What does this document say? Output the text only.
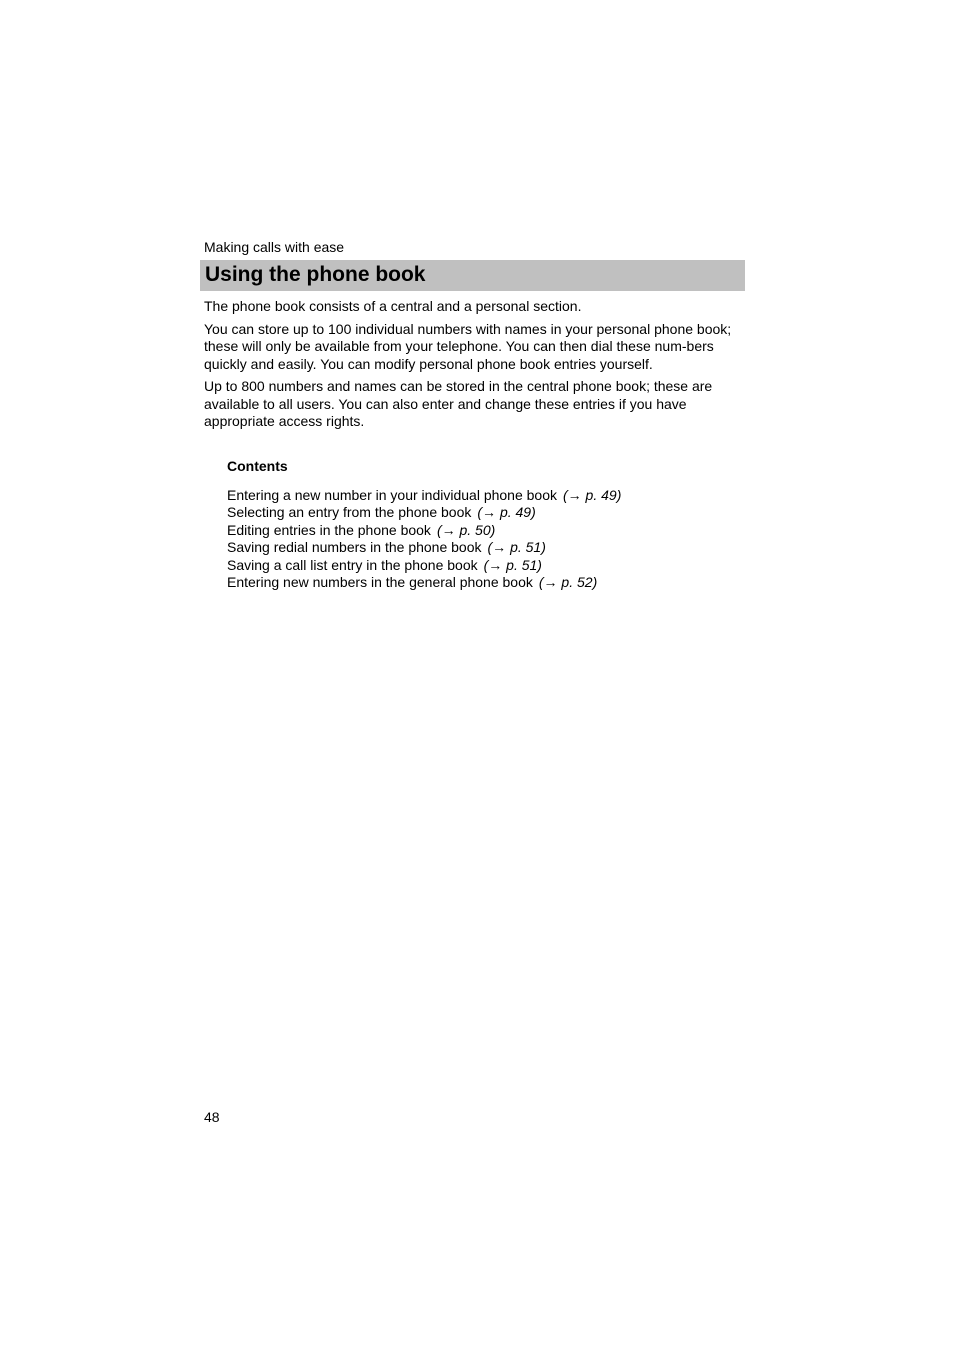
Making calls with ease
Using the phone book

The phone book consists of a central and a personal section.

You can store up to 100 individual numbers with names in your personal phone book; these will only be available from your telephone. You can then dial these num-bers quickly and easily. You can modify personal phone book entries yourself.

Up to 800 numbers and names can be stored in the central phone book; these are available to all users. You can also enter and change these entries if you have appropriate access rights.

Contents
Entering a new number in your individual phone book (→ p. 49)
Selecting an entry from the phone book (→ p. 49)
Editing entries in the phone book (→ p. 50)
Saving redial numbers in the phone book (→ p. 51)
Saving a call list entry in the phone book (→ p. 51)
Entering new numbers in the general phone book (→ p. 52)
48
